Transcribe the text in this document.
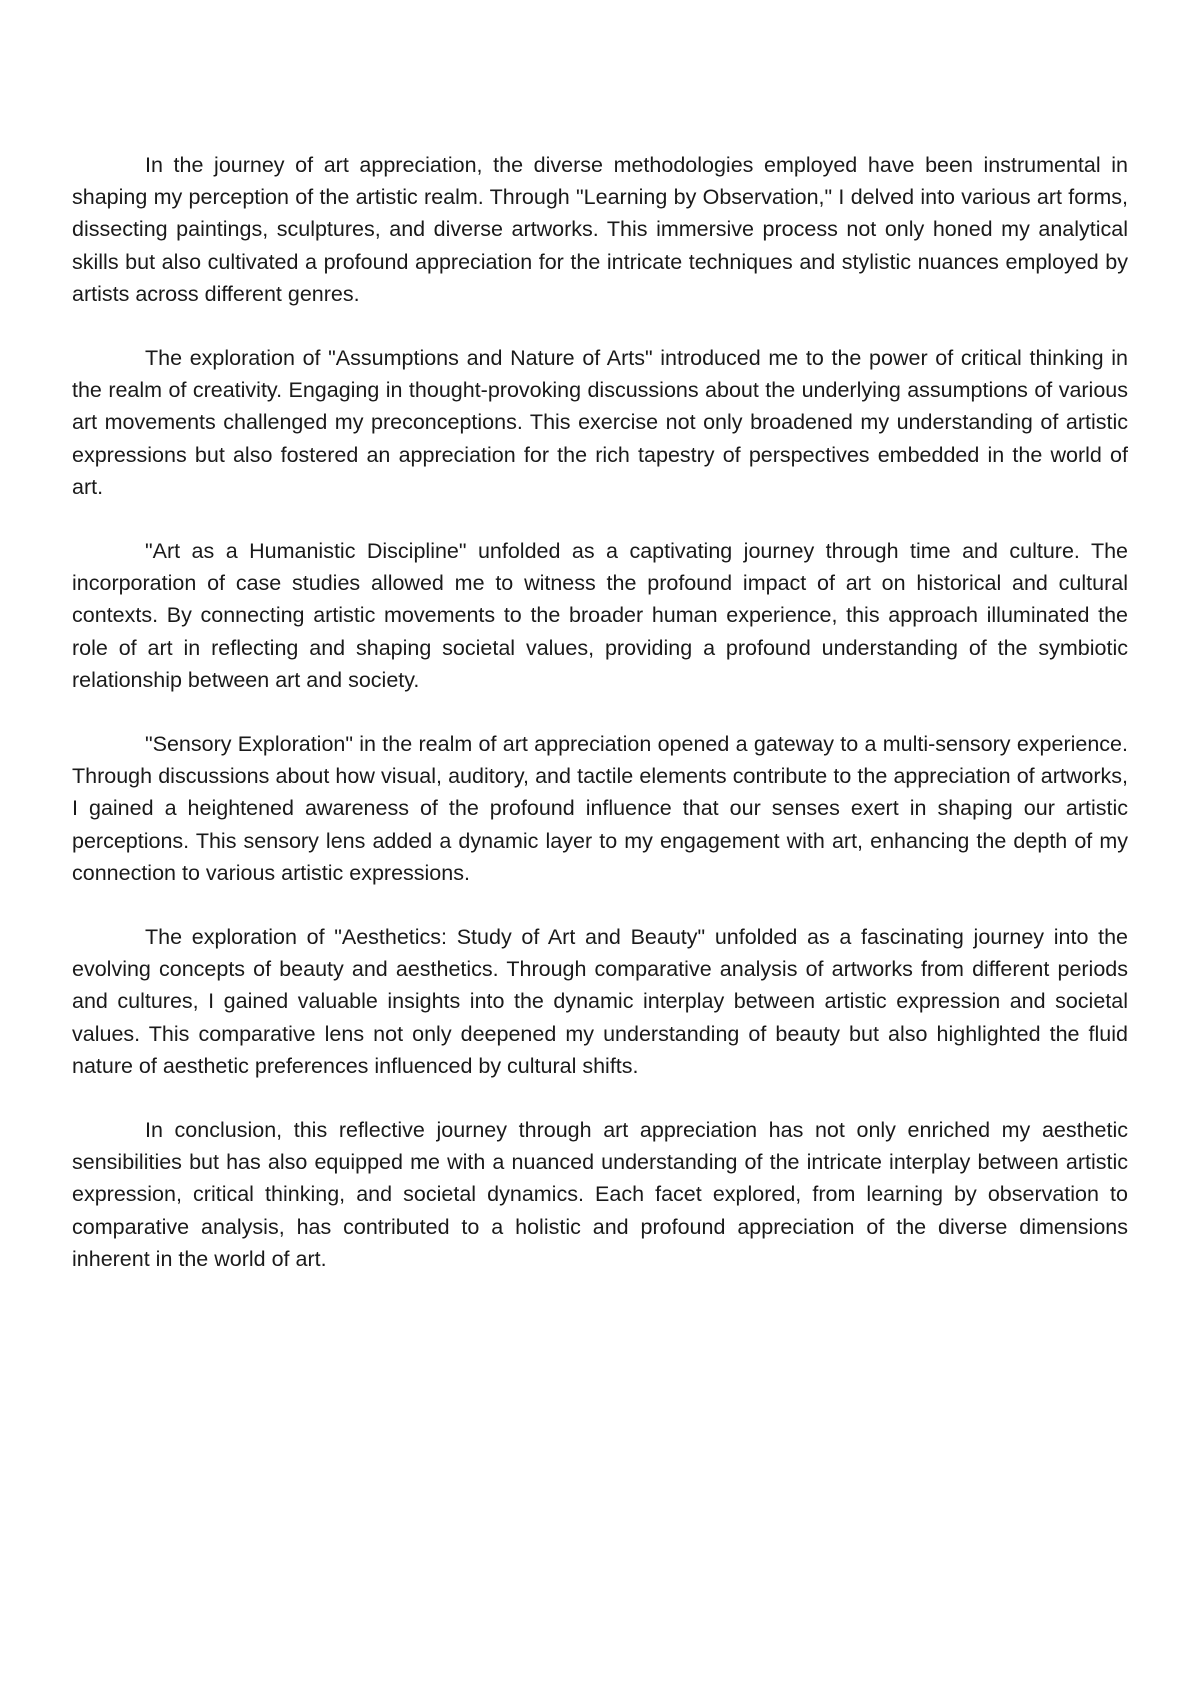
In the journey of art appreciation, the diverse methodologies employed have been instrumental in shaping my perception of the artistic realm. Through "Learning by Observation," I delved into various art forms, dissecting paintings, sculptures, and diverse artworks. This immersive process not only honed my analytical skills but also cultivated a profound appreciation for the intricate techniques and stylistic nuances employed by artists across different genres.

The exploration of "Assumptions and Nature of Arts" introduced me to the power of critical thinking in the realm of creativity. Engaging in thought-provoking discussions about the underlying assumptions of various art movements challenged my preconceptions. This exercise not only broadened my understanding of artistic expressions but also fostered an appreciation for the rich tapestry of perspectives embedded in the world of art.

"Art as a Humanistic Discipline" unfolded as a captivating journey through time and culture. The incorporation of case studies allowed me to witness the profound impact of art on historical and cultural contexts. By connecting artistic movements to the broader human experience, this approach illuminated the role of art in reflecting and shaping societal values, providing a profound understanding of the symbiotic relationship between art and society.

"Sensory Exploration" in the realm of art appreciation opened a gateway to a multi-sensory experience. Through discussions about how visual, auditory, and tactile elements contribute to the appreciation of artworks, I gained a heightened awareness of the profound influence that our senses exert in shaping our artistic perceptions. This sensory lens added a dynamic layer to my engagement with art, enhancing the depth of my connection to various artistic expressions.

The exploration of "Aesthetics: Study of Art and Beauty" unfolded as a fascinating journey into the evolving concepts of beauty and aesthetics. Through comparative analysis of artworks from different periods and cultures, I gained valuable insights into the dynamic interplay between artistic expression and societal values. This comparative lens not only deepened my understanding of beauty but also highlighted the fluid nature of aesthetic preferences influenced by cultural shifts.

In conclusion, this reflective journey through art appreciation has not only enriched my aesthetic sensibilities but has also equipped me with a nuanced understanding of the intricate interplay between artistic expression, critical thinking, and societal dynamics. Each facet explored, from learning by observation to comparative analysis, has contributed to a holistic and profound appreciation of the diverse dimensions inherent in the world of art.
